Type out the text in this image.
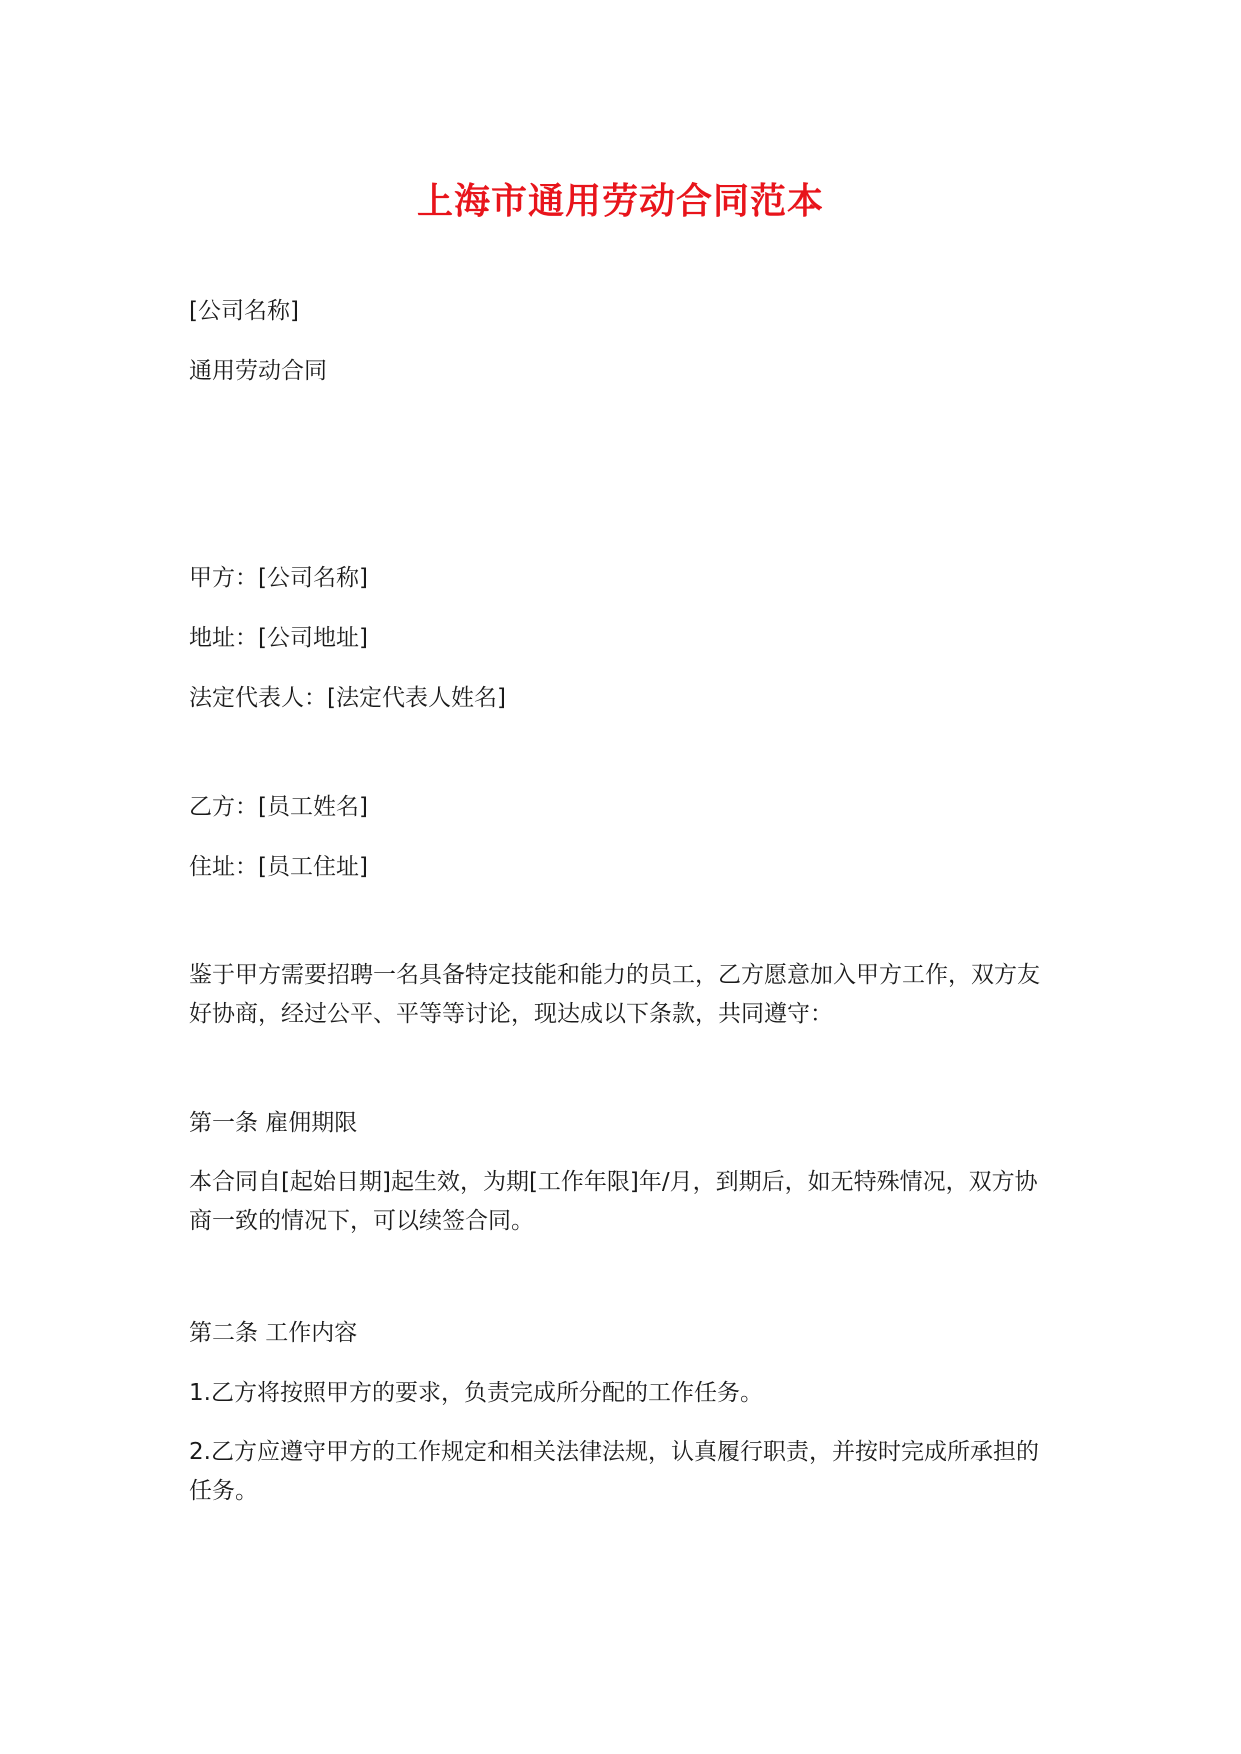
上海市通用劳动合同范本
[公司名称]
通用劳动合同
甲方：[公司名称]
地址：[公司地址]
法定代表人：[法定代表人姓名]
乙方：[员工姓名]
住址：[员工住址]
鉴于甲方需要招聘一名具备特定技能和能力的员工，乙方愿意加入甲方工作，双方友好协商，经过公平、平等等讨论，现达成以下条款，共同遵守：
第一条 雇佣期限
本合同自[起始日期]起生效，为期[工作年限]年/月，到期后，如无特殊情况，双方协商一致的情况下，可以续签合同。
第二条 工作内容
1.乙方将按照甲方的要求，负责完成所分配的工作任务。
2.乙方应遵守甲方的工作规定和相关法律法规，认真履行职责，并按时完成所承担的任务。
